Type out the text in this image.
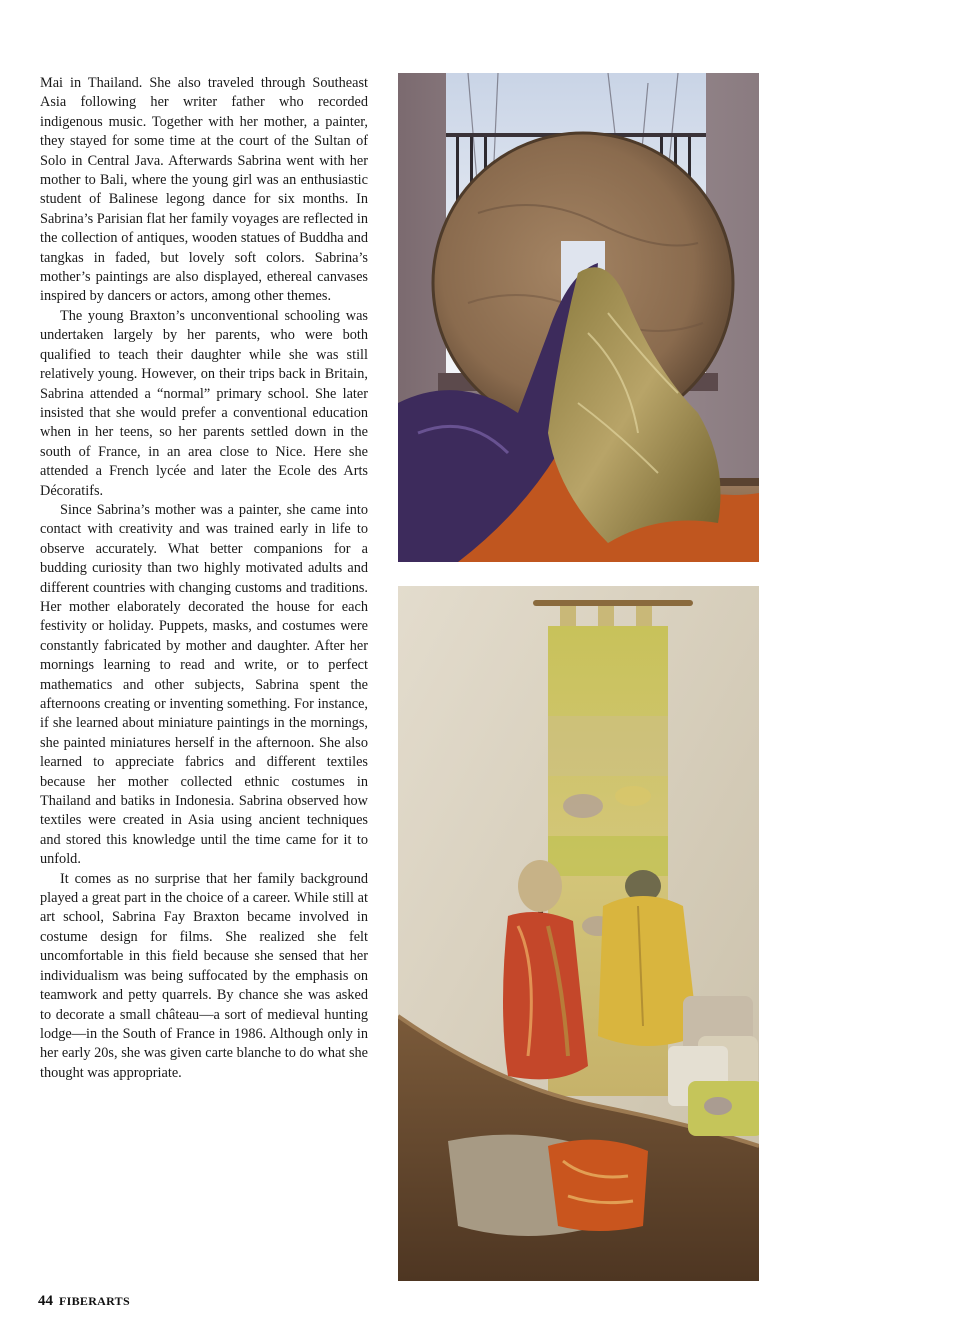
Mai in Thailand. She also traveled through Southeast Asia following her writer father who recorded indigenous music. Together with her mother, a painter, they stayed for some time at the court of the Sultan of Solo in Central Java. Afterwards Sabrina went with her mother to Bali, where the young girl was an enthusiastic student of Balinese legong dance for six months. In Sabrina’s Parisian flat her family voyages are reflected in the collection of antiques, wooden statues of Buddha and tangkas in faded, but lovely soft colors. Sabrina’s mother’s paintings are also displayed, ethereal canvases inspired by dancers or actors, among other themes.

The young Braxton’s unconventional schooling was undertaken largely by her parents, who were both qualified to teach their daughter while she was still relatively young. However, on their trips back in Britain, Sabrina attended a “normal” primary school. She later insisted that she would prefer a conventional education when in her teens, so her parents settled down in the south of France, in an area close to Nice. Here she attended a French lycée and later the Ecole des Arts Décoratifs.

Since Sabrina’s mother was a painter, she came into contact with creativity and was trained early in life to observe accurately. What better companions for a budding curiosity than two highly motivated adults and different countries with changing customs and traditions. Her mother elaborately decorated the house for each festivity or holiday. Puppets, masks, and costumes were constantly fabricated by mother and daughter. After her mornings learning to read and write, or to perfect mathematics and other subjects, Sabrina spent the afternoons creating or inventing something. For instance, if she learned about miniature paintings in the mornings, she painted miniatures herself in the afternoon. She also learned to appreciate fabrics and different textiles because her mother collected ethnic costumes in Thailand and batiks in Indonesia. Sabrina observed how textiles were created in Asia using ancient techniques and stored this knowledge until the time came for it to unfold.

It comes as no surprise that her family background played a great part in the choice of a career. While still at art school, Sabrina Fay Braxton became involved in costume design for films. She realized she felt uncomfortable in this field because she sensed that her individualism was being suffocated by the emphasis on teamwork and petty quarrels. By chance she was asked to decorate a small château—a sort of medieval hunting lodge—in the South of France in 1986. Although only in her early 20s, she was given carte blanche to do what she thought was appropriate.

44 FIBERARTS
